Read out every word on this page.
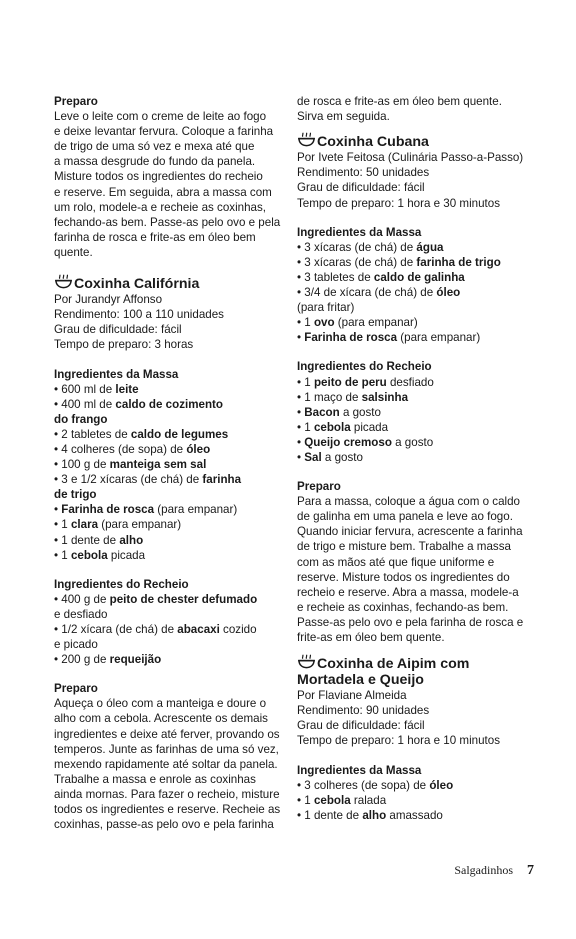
Preparo
Leve o leite com o creme de leite ao fogo
e deixe levantar fervura. Coloque a farinha
de trigo de uma só vez e mexa até que
a massa desgrude do fundo da panela.
Misture todos os ingredientes do recheio
e reserve. Em seguida, abra a massa com
um rolo, modele-a e recheie as coxinhas,
fechando-as bem. Passe-as pelo ovo e pela
farinha de rosca e frite-as em óleo bem
quente.
Coxinha Califórnia
Por Jurandyr Affonso
Rendimento: 100 a 110 unidades
Grau de dificuldade: fácil
Tempo de preparo: 3 horas
Ingredientes da Massa
• 600 ml de leite
• 400 ml de caldo de cozimento
do frango
• 2 tabletes de caldo de legumes
• 4 colheres (de sopa) de óleo
• 100 g de manteiga sem sal
• 3 e 1/2 xícaras (de chá) de farinha
de trigo
• Farinha de rosca (para empanar)
• 1 clara (para empanar)
• 1 dente de alho
• 1 cebola picada
Ingredientes do Recheio
• 400 g de peito de chester defumado
e desfiado
• 1/2 xícara (de chá) de abacaxi cozido
e picado
• 200 g de requeijão
Preparo
Aqueça o óleo com a manteiga e doure o
alho com a cebola. Acrescente os demais
ingredientes e deixe até ferver, provando os
temperos. Junte as farinhas de uma só vez,
mexendo rapidamente até soltar da panela.
Trabalhe a massa e enrole as coxinhas
ainda mornas. Para fazer o recheio, misture
todos os ingredientes e reserve. Recheie as
coxinhas, passe-as pelo ovo e pela farinha
de rosca e frite-as em óleo bem quente.
Sirva em seguida.
Coxinha Cubana
Por Ivete Feitosa (Culinária Passo-a-Passo)
Rendimento: 50 unidades
Grau de dificuldade: fácil
Tempo de preparo: 1 hora e 30 minutos
Ingredientes da Massa
• 3 xícaras (de chá) de água
• 3 xícaras (de chá) de farinha de trigo
• 3 tabletes de caldo de galinha
• 3/4 de xícara (de chá) de óleo
(para fritar)
• 1 ovo (para empanar)
• Farinha de rosca (para empanar)
Ingredientes do Recheio
• 1 peito de peru desfiado
• 1 maço de salsinha
• Bacon a gosto
• 1 cebola picada
• Queijo cremoso a gosto
• Sal a gosto
Preparo
Para a massa, coloque a água com o caldo
de galinha em uma panela e leve ao fogo.
Quando iniciar fervura, acrescente a farinha
de trigo e misture bem. Trabalhe a massa
com as mãos até que fique uniforme e
reserve. Misture todos os ingredientes do
recheio e reserve. Abra a massa, modele-a
e recheie as coxinhas, fechando-as bem.
Passe-as pelo ovo e pela farinha de rosca e
frite-as em óleo bem quente.
Coxinha de Aipim com
Mortadela e Queijo
Por Flaviane Almeida
Rendimento: 90 unidades
Grau de dificuldade: fácil
Tempo de preparo: 1 hora e 10 minutos
Ingredientes da Massa
• 3 colheres (de sopa) de óleo
• 1 cebola ralada
• 1 dente de alho amassado
Salgadinhos 7
